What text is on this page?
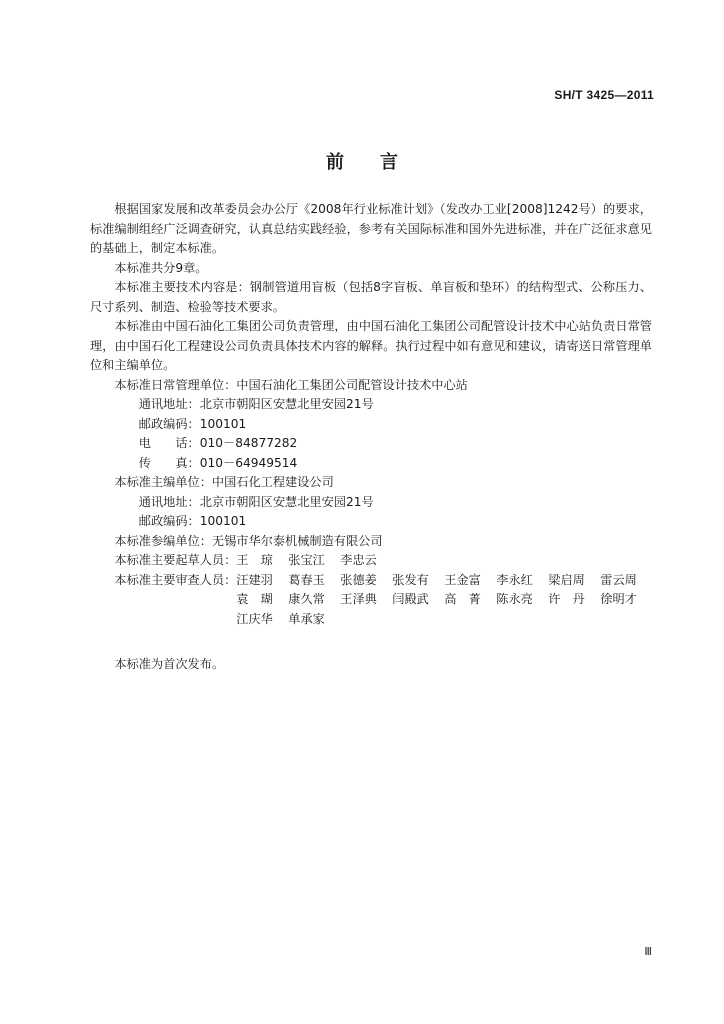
SH/T 3425—2011
前言

根据国家发展和改革委员会办公厅《2008年行业标准计划》（发改办工业[2008]1242号）的要求，标准编制组经广泛调查研究，认真总结实践经验，参考有关国际标准和国外先进标准，并在广泛征求意见的基础上，制定本标准。

本标准共分9章。

本标准主要技术内容是：钢制管道用盲板（包括8字盲板、单盲板和垫环）的结构型式、公称压力、尺寸系列、制造、检验等技术要求。

本标准由中国石油化工集团公司负责管理，由中国石油化工集团公司配管设计技术中心站负责日常管理，由中国石化工程建设公司负责具体技术内容的解释。执行过程中如有意见和建议，请寄送日常管理单位和主编单位。

本标准日常管理单位：中国石油化工集团公司配管设计技术中心站

通讯地址：北京市朝阳区安慧北里安园21号

邮政编码：100101

电 话：010－84877282

传 真：010－64949514

本标准主编单位：中国石化工程建设公司

通讯地址：北京市朝阳区安慧北里安园21号

邮政编码：100101

本标准参编单位：无锡市华尔泰机械制造有限公司

本标准主要起草人员：王　琼 张宝江 李忠云

本标准主要审查人员： 汪建羽	葛春玉	张德姜	张发有	王金富	李永红	梁启周	雷云周
袁　瑚	康久常	王泽典	闫殿武	高　菁	陈永亮	许　丹	徐明才
江庆华	单承家

本标准为首次发布。

Ⅲ
